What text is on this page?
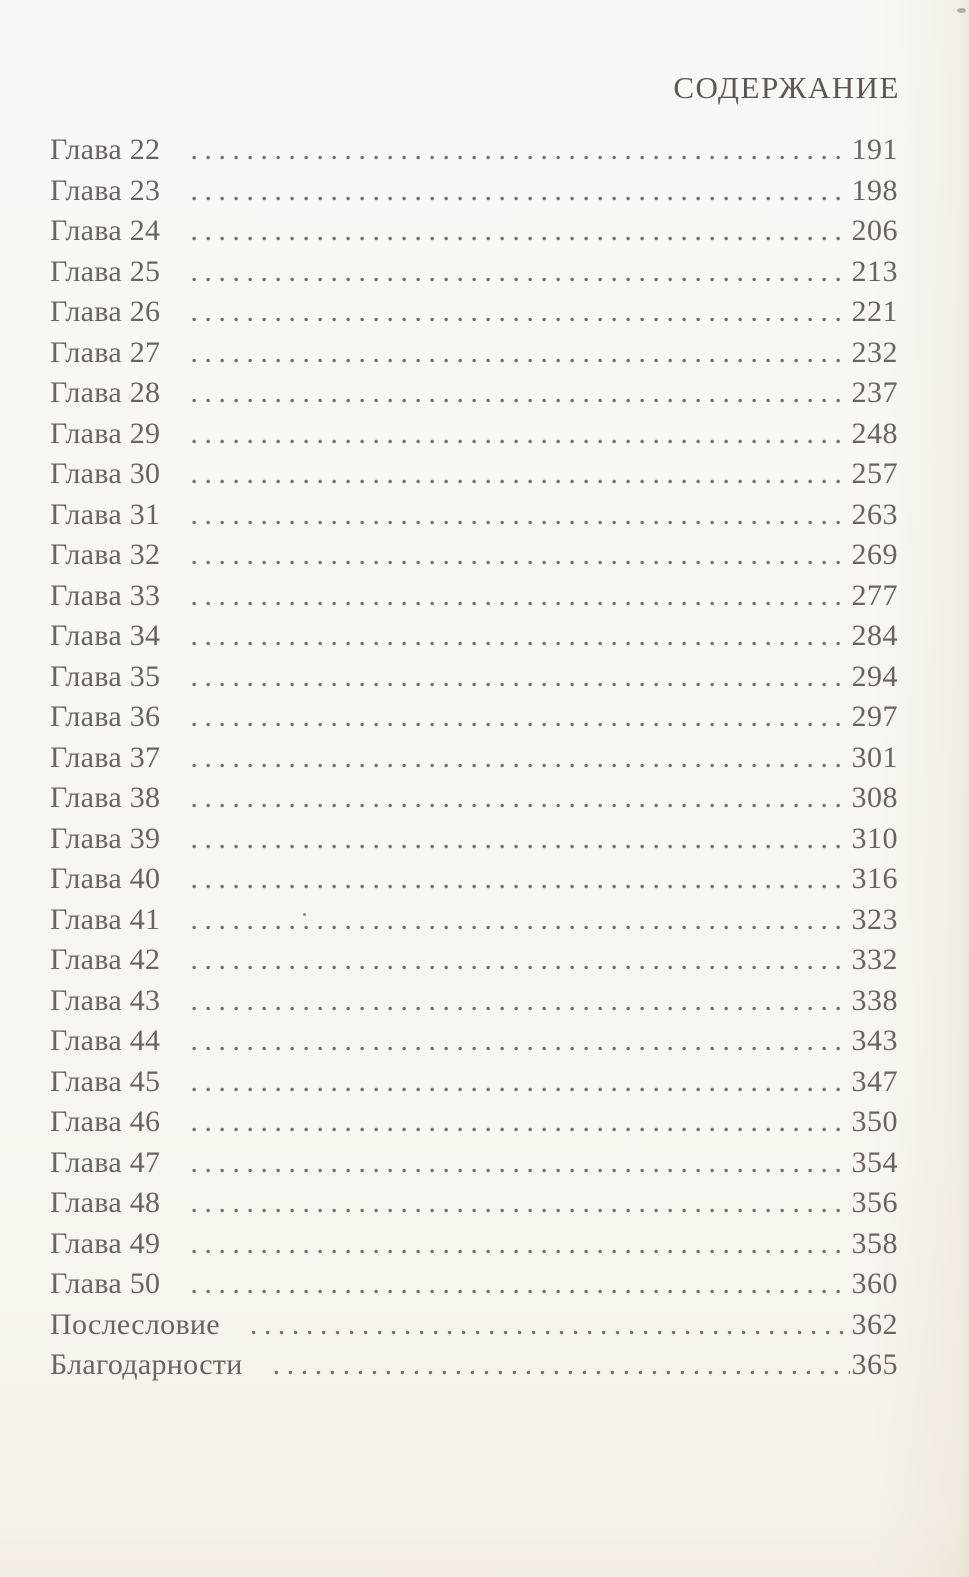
СОДЕРЖАНИЕ
Глава 22 .....	191
Глава 23 .....	198
Глава 24 .....	206
Глава 25 .....	213
Глава 26 .....	221
Глава 27 .....	232
Глава 28 .....	237
Глава 29 .....	248
Глава 30 .....	257
Глава 31 .....	263
Глава 32 .....	269
Глава 33 .....	277
Глава 34 .....	284
Глава 35 .....	294
Глава 36 .....	297
Глава 37 .....	301
Глава 38 .....	308
Глава 39 .....	310
Глава 40 .....	316
Глава 41 .....	323
Глава 42 .....	332
Глава 43 .....	338
Глава 44 .....	343
Глава 45 .....	347
Глава 46 .....	350
Глава 47 .....	354
Глава 48 .....	356
Глава 49 .....	358
Глава 50 .....	360
Послесловие .....	362
Благодарности .....	365
